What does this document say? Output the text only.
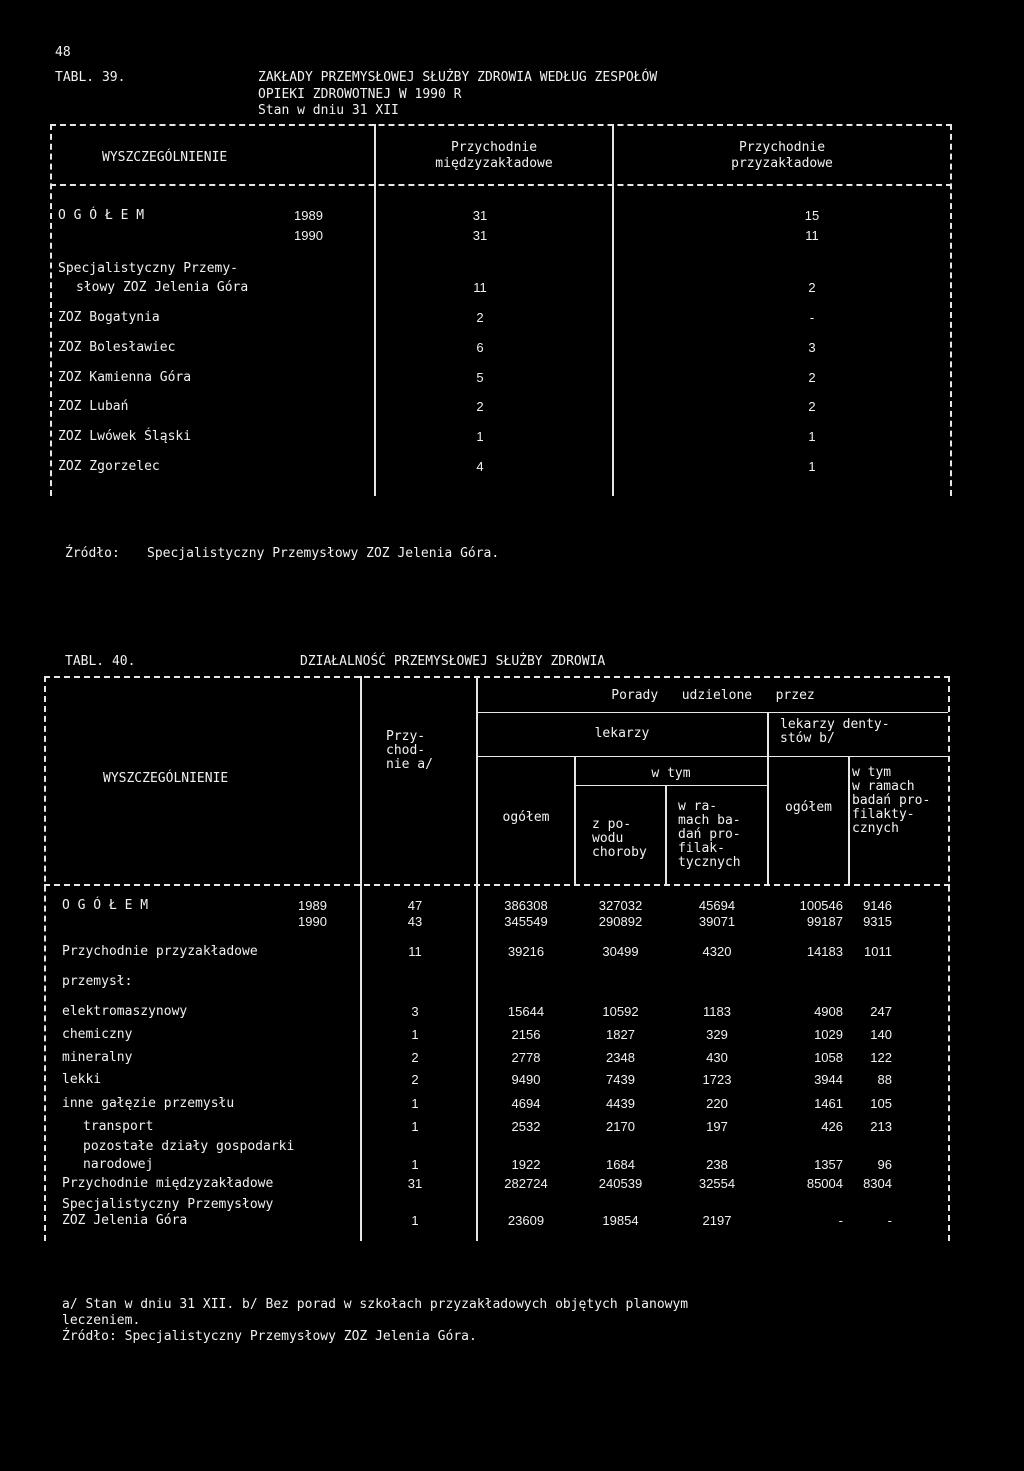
48
TABL. 39.	ZAKŁADY PRZEMYSŁOWEJ SŁUŻBY ZDROWIA WEDŁUG ZESPOŁÓW
OPIEKI ZDROWOTNEJ W 1990 R
Stan w dniu 31 XII
WYSZCZEGÓLNIENIE
Przychodnie
międzyzakładowe
Przychodnie
przyzakładowe
O G Ó Ł E M	1989	31	15
1990	31	11
Specjalistyczny Przemy-
słowy ZOZ Jelenia Góra	11	2
ZOZ Bogatynia	2	-
ZOZ Bolesławiec	6	3
ZOZ Kamienna Góra	5	2
ZOZ Lubań	2	2
ZOZ Lwówek Śląski	1	1
ZOZ Zgorzelec	4	1
Źródło: Specjalistyczny Przemysłowy ZOZ Jelenia Góra.
TABL. 40.	DZIAŁALNOŚĆ PRZEMYSŁOWEJ SŁUŻBY ZDROWIA
WYSZCZEGÓLNIENIE
Przy-
chod-
nie a/
Porady   udzielone   przez
lekarzy
lekarzy denty-
stów b/
w tym
ogółem	z po-
wodu
choroby
w ra-
mach ba-
dań pro-
filak-
tycznych
ogółem
w tym
w ramach
badań pro-
filakty-
cznych
O G Ó Ł E M	1989	47	386308	327032	45694	100546	9146
1990	43	345549	290892	39071	99187	9315
Przychodnie przyzakładowe	11	39216	30499	4320	14183	1011
przemysł:
elektromaszynowy	3	15644	10592	1183	4908	247
chemiczny	1	2156	1827	329	1029	140
mineralny	2	2778	2348	430	1058	122
lekki	2	9490	7439	1723	3944	88
inne gałęzie przemysłu	1	4694	4439	220	1461	105
transport	1	2532	2170	197	426	213
pozostałe działy gospodarki
narodowej	1	1922	1684	238	1357	96
Przychodnie międzyzakładowe	31	282724	240539	32554	85004	8304
Specjalistyczny Przemysłowy
ZOZ Jelenia Góra	1	23609	19854	2197	-	-
a/ Stan w dniu 31 XII. b/ Bez porad w szkołach przyzakładowych objętych planowym
leczeniem.
Źródło: Specjalistyczny Przemysłowy ZOZ Jelenia Góra.
